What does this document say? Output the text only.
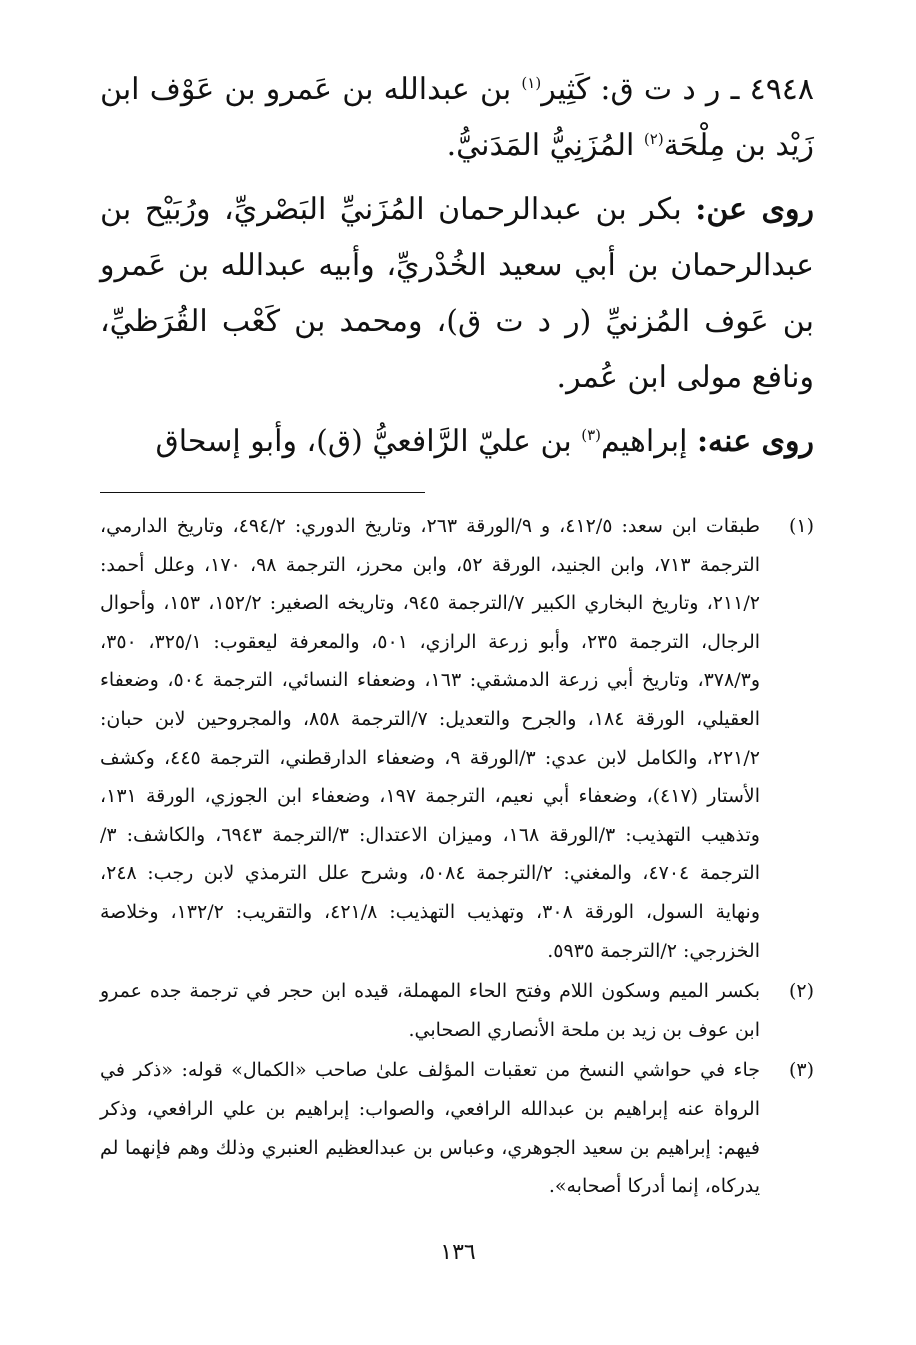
٤٩٤٨ ـ ر د ت ق: كَثِير$^{(١)}$ بن عبدالله بن عَمرو بن عَوْف ابن زَيْد بن مِلْحَة$^{(٢)}$ المُزَنِيُّ المَدَنيُّ.

روى عن: بكر بن عبدالرحمان المُزَنيِّ البَصْريِّ، ورُبَيْح بن عبدالرحمان بن أبي سعيد الخُدْريِّ، وأبيه عبدالله بن عَمرو بن عَوف المُزنيِّ (ر د ت ق)، ومحمد بن كَعْب القُرَظيِّ، ونافع مولى ابن عُمر.

روى عنه: إبراهيم$^{(٣)}$ بن عليّ الرَّافعيُّ (ق)، وأبو إسحاق

(١)
طبقات ابن سعد: ٤١٢/٥، و ٩/الورقة ٢٦٣، وتاريخ الدوري: ٤٩٤/٢، وتاريخ الدارمي، الترجمة ٧١٣، وابن الجنيد، الورقة ٥٢، وابن محرز، الترجمة ٩٨، ١٧٠، وعلل أحمد: ٢١١/٢، وتاريخ البخاري الكبير ٧/الترجمة ٩٤٥، وتاريخه الصغير: ١٥٢/٢، ١٥٣، وأحوال الرجال، الترجمة ٢٣٥، وأبو زرعة الرازي، ٥٠١، والمعرفة ليعقوب: ٣٢٥/١، ٣٥٠، و٣٧٨/٣، وتاريخ أبي زرعة الدمشقي: ١٦٣، وضعفاء النسائي، الترجمة ٥٠٤، وضعفاء العقيلي، الورقة ١٨٤، والجرح والتعديل: ٧/الترجمة ٨٥٨، والمجروحين لابن حبان: ٢٢١/٢، والكامل لابن عدي: ٣/الورقة ٩، وضعفاء الدارقطني، الترجمة ٤٤٥، وكشف الأستار (٤١٧)، وضعفاء أبي نعيم، الترجمة ١٩٧، وضعفاء ابن الجوزي، الورقة ١٣١، وتذهيب التهذيب: ٣/الورقة ١٦٨، وميزان الاعتدال: ٣/الترجمة ٦٩٤٣، والكاشف: ٣/الترجمة ٤٧٠٤، والمغني: ٢/الترجمة ٥٠٨٤، وشرح علل الترمذي لابن رجب: ٢٤٨، ونهاية السول، الورقة ٣٠٨، وتهذيب التهذيب: ٤٢١/٨، والتقريب: ١٣٢/٢، وخلاصة الخزرجي: ٢/الترجمة ٥٩٣٥.
(٢)
بكسر الميم وسكون اللام وفتح الحاء المهملة، قيده ابن حجر في ترجمة جده عمرو ابن عوف بن زيد بن ملحة الأنصاري الصحابي.
(٣)
جاء في حواشي النسخ من تعقبات المؤلف علىٰ صاحب «الكمال» قوله: «ذكر في الرواة عنه إبراهيم بن عبدالله الرافعي، والصواب: إبراهيم بن علي الرافعي، وذكر فيهم: إبراهيم بن سعيد الجوهري، وعباس بن عبدالعظيم العنبري وذلك وهم فإنهما لم يدركاه، إنما أدركا أصحابه».
١٣٦
